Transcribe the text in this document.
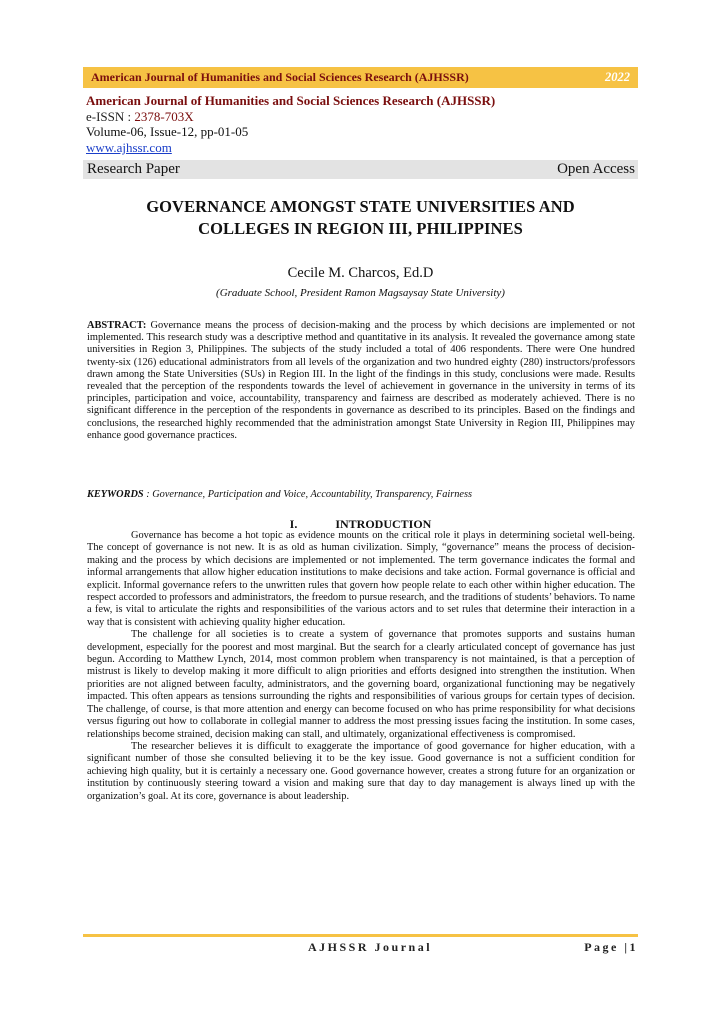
American Journal of Humanities and Social Sciences Research (AJHSSR)	2022
American Journal of Humanities and Social Sciences Research (AJHSSR)
e-ISSN : 2378-703X
Volume-06, Issue-12, pp-01-05
www.ajhssr.com
Research Paper	Open Access
GOVERNANCE AMONGST STATE UNIVERSITIES AND
COLLEGES IN REGION III, PHILIPPINES
Cecile M. Charcos, Ed.D
(Graduate School, President Ramon Magsaysay State University)
ABSTRACT: Governance means the process of decision-making and the process by which decisions are implemented or not implemented. This research study was a descriptive method and quantitative in its analysis. It revealed the governance among state universities in Region 3, Philippines. The subjects of the study included a total of 406 respondents. There were One hundred twenty-six (126) educational administrators from all levels of the organization and two hundred eighty (280) instructors/professors drawn among the State Universities (SUs) in Region III. In the light of the findings in this study, conclusions were made. Results revealed that the perception of the respondents towards the level of achievement in governance in the university in terms of its principles, participation and voice, accountability, transparency and fairness are described as moderately achieved. There is no significant difference in the perception of the respondents in governance as described to its principles. Based on the findings and conclusions, the researched highly recommended that the administration amongst State University in Region III, Philippines may enhance good governance practices.
KEYWORDS : Governance, Participation and Voice, Accountability, Transparency, Fairness
I.	INTRODUCTION

Governance has become a hot topic as evidence mounts on the critical role it plays in determining societal well-being. The concept of governance is not new. It is as old as human civilization. Simply, “governance” means the process of decision-making and the process by which decisions are implemented or not implemented. The term governance indicates the formal and informal arrangements that allow higher education institutions to make decisions and take action. Formal governance is official and explicit. Informal governance refers to the unwritten rules that govern how people relate to each other within higher education. The respect accorded to professors and administrators, the freedom to pursue research, and the traditions of students’ behaviors. To name a few, is vital to articulate the rights and responsibilities of the various actors and to set rules that determine their interaction in a way that is consistent with achieving quality higher education.

The challenge for all societies is to create a system of governance that promotes supports and sustains human development, especially for the poorest and most marginal. But the search for a clearly articulated concept of governance has just begun. According to Matthew Lynch, 2014, most common problem when transparency is not maintained, is that a perception of mistrust is likely to develop making it more difficult to align priorities and efforts designed into strengthen the institution. When priorities are not aligned between faculty, administrators, and the governing board, organizational functioning may be negatively impacted. This often appears as tensions surrounding the rights and responsibilities of various groups for certain types of decision. The challenge, of course, is that more attention and energy can become focused on who has prime responsibility for what decisions versus figuring out how to collaborate in collegial manner to address the most pressing issues facing the institution. In some cases, relationships become strained, decision making can stall, and ultimately, organizational effectiveness is compromised.

The researcher believes it is difficult to exaggerate the importance of good governance for higher education, with a significant number of those she consulted believing it to be the key issue. Good governance is not a sufficient condition for achieving high quality, but it is certainly a necessary one. Good governance however, creates a strong future for an organization or institution by continuously steering toward a vision and making sure that day to day management is always lined up with the organization’s goal. At its core, governance is about leadership.

AJHSSR Journal	Page |1
